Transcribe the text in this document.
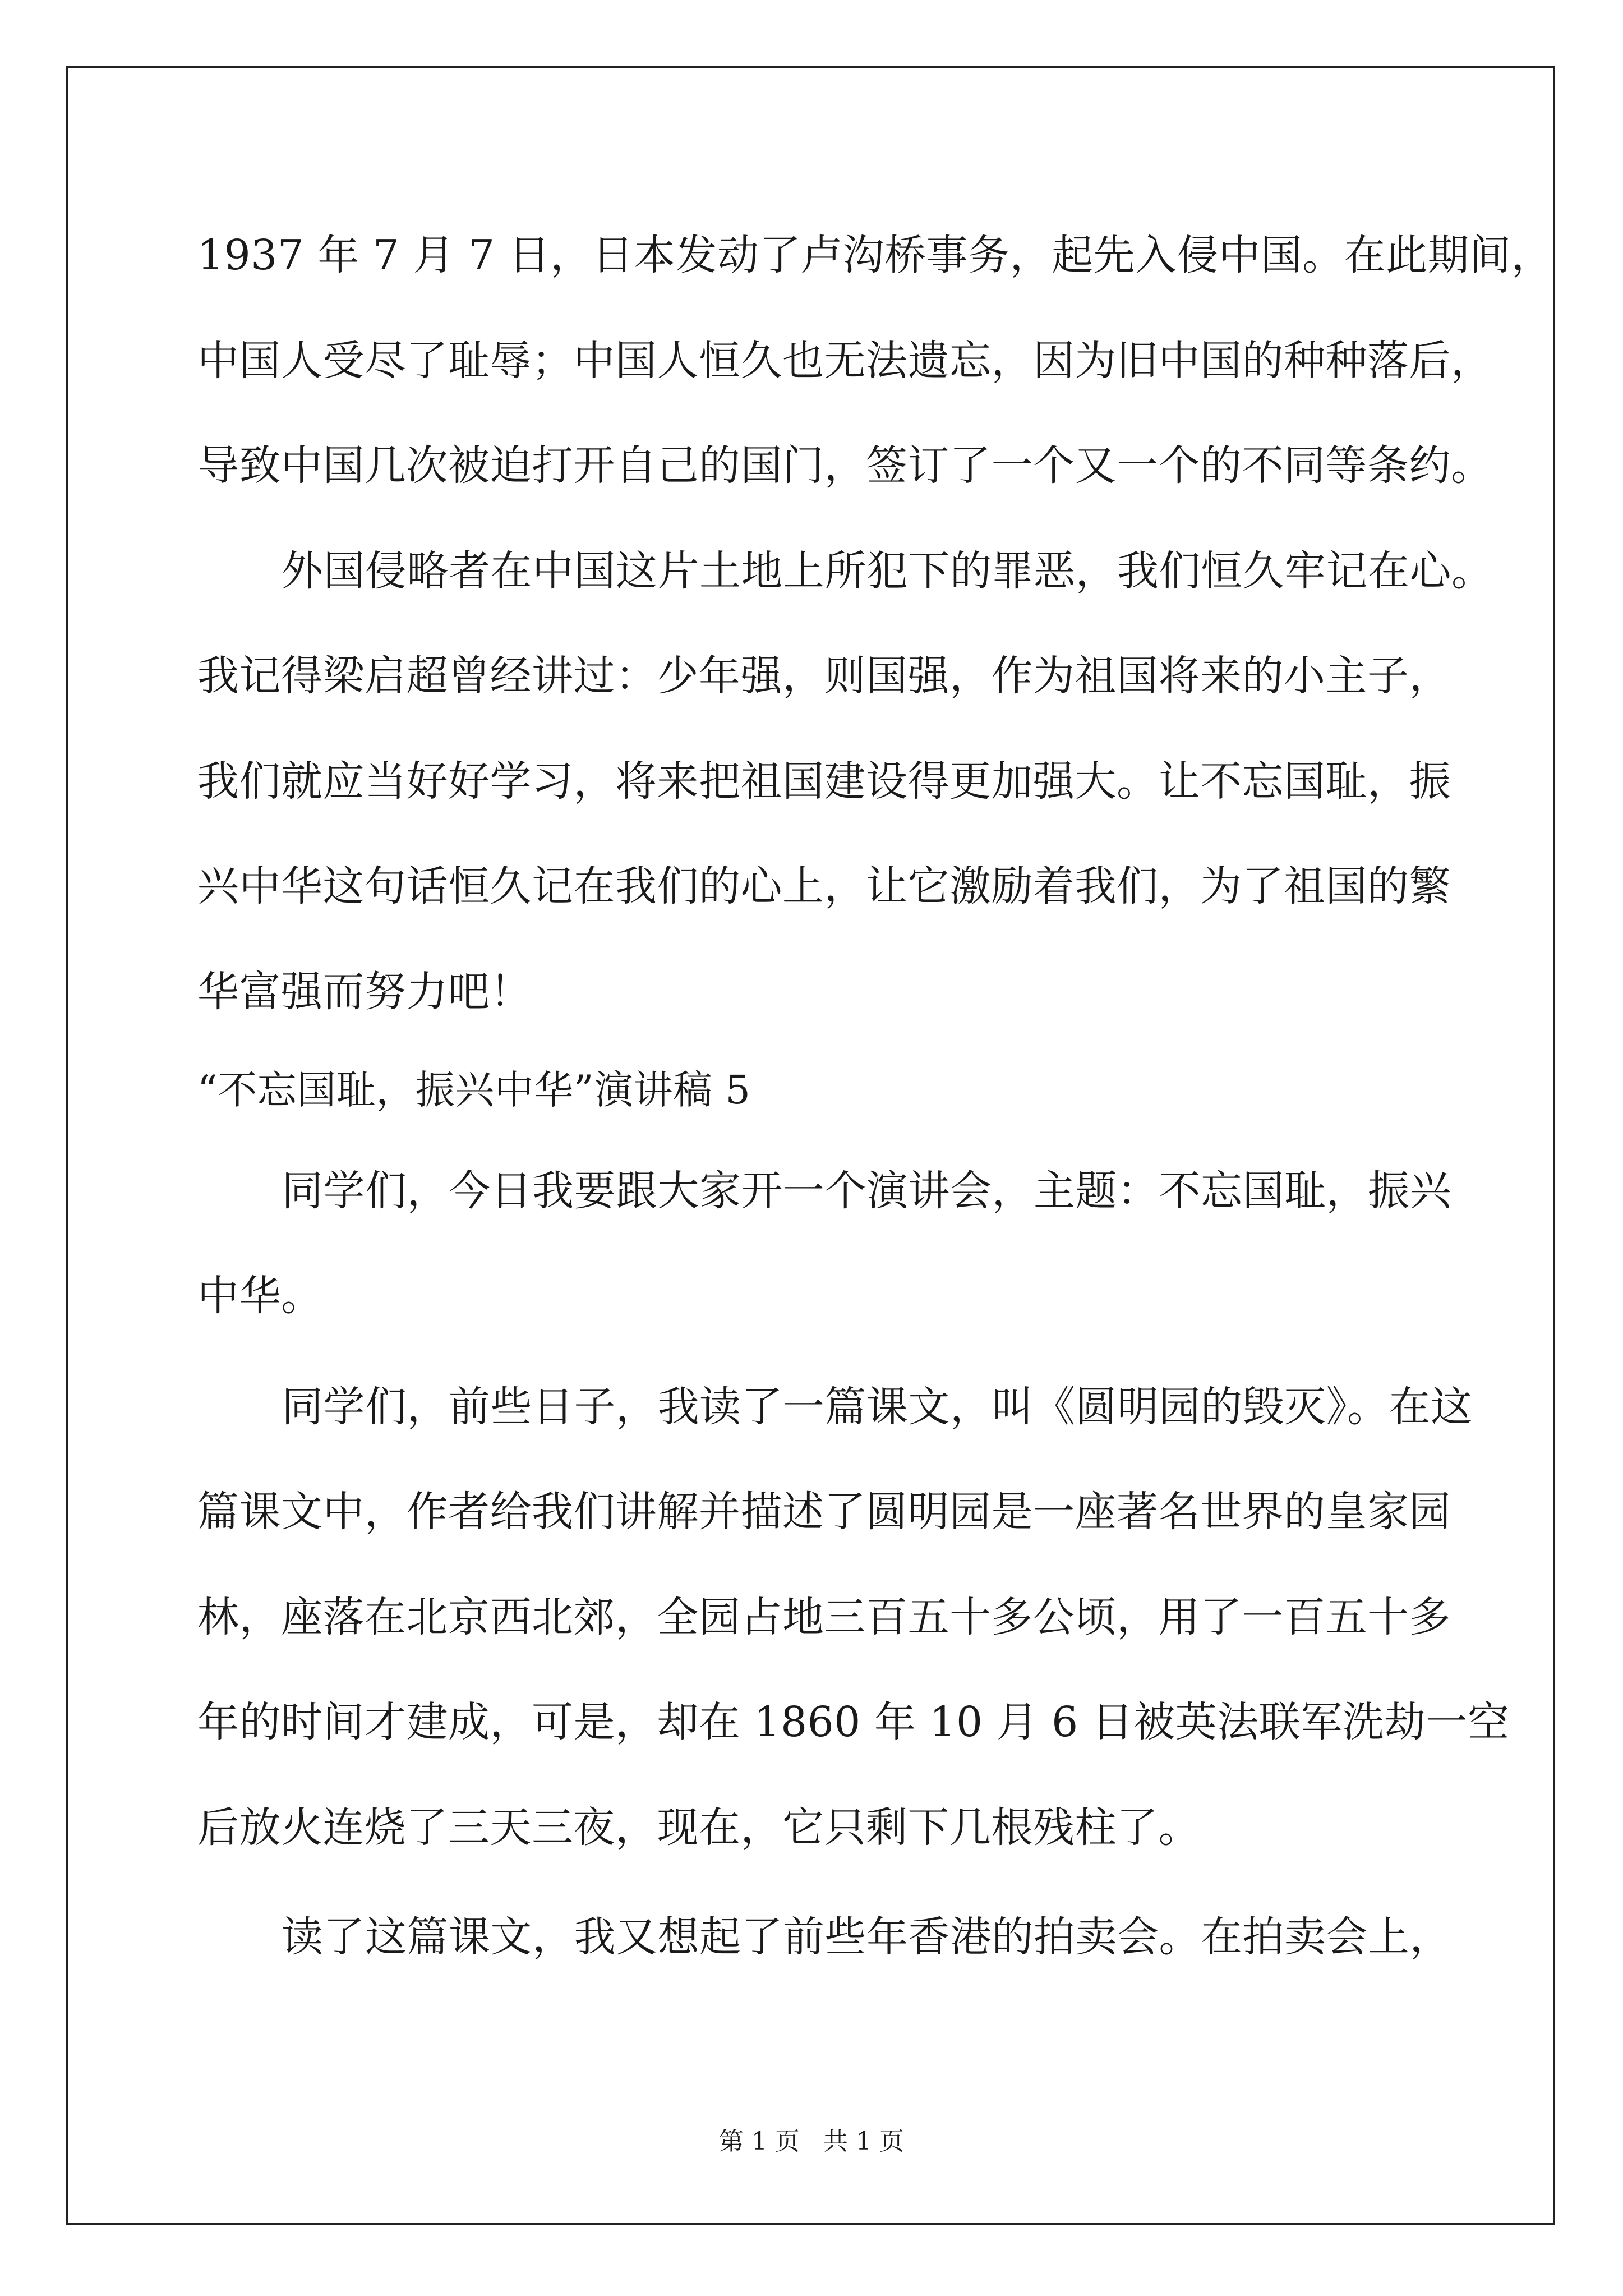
1937 年 7 月 7 日，日本发动了卢沟桥事务，起先入侵中国。在此期间，
中国人受尽了耻辱；中国人恒久也无法遗忘，因为旧中国的种种落后，
导致中国几次被迫打开自己的国门，签订了一个又一个的不同等条约。
外国侵略者在中国这片土地上所犯下的罪恶，我们恒久牢记在心。
我记得梁启超曾经讲过：少年强，则国强，作为祖国将来的小主子，
我们就应当好好学习，将来把祖国建设得更加强大。让不忘国耻，振
兴中华这句话恒久记在我们的心上，让它激励着我们，为了祖国的繁
华富强而努力吧！
“不忘国耻，振兴中华”演讲稿 5
同学们，今日我要跟大家开一个演讲会，主题：不忘国耻，振兴
中华。
同学们，前些日子，我读了一篇课文，叫《圆明园的毁灭》。在这
篇课文中，作者给我们讲解并描述了圆明园是一座著名世界的皇家园
林，座落在北京西北郊，全园占地三百五十多公顷，用了一百五十多
年的时间才建成，可是，却在 1860 年 10 月 6 日被英法联军洗劫一空
后放火连烧了三天三夜，现在，它只剩下几根残柱了。
读了这篇课文，我又想起了前些年香港的拍卖会。在拍卖会上，
第 1 页   共 1 页
